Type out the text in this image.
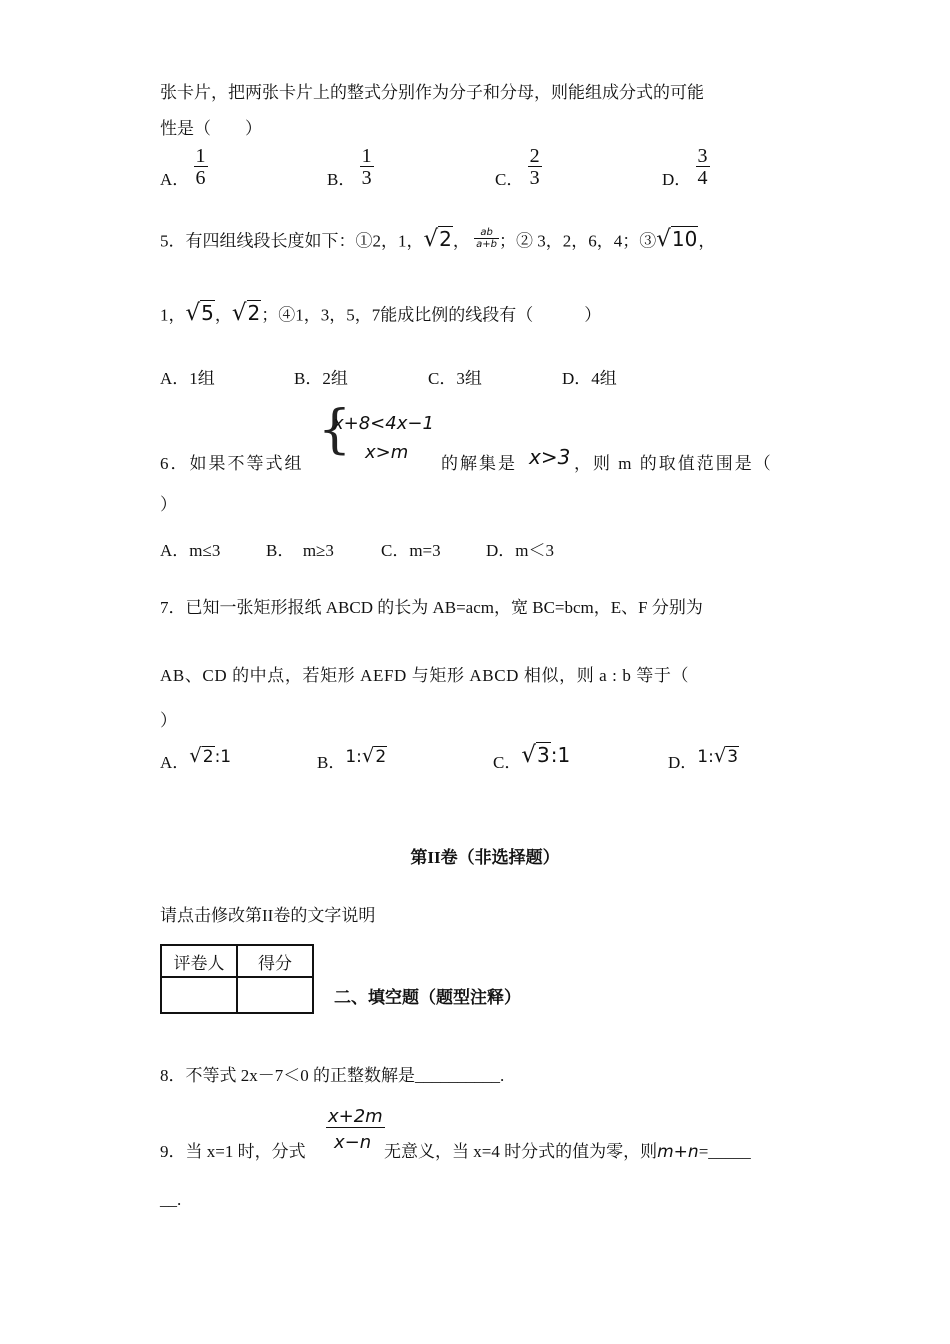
张卡片，把两张卡片上的整式分别作为分子和分母，则能组成分式的可能
性是（　　）
A． $\frac{1}{6}$	B． $\frac{1}{3}$	C． $\frac{2}{3}$	D． $\frac{3}{4}$
5．有四组线段长度如下：①2，1，√2， $\frac{ab}{a+b}$ ；② 3，2，6，4；③√10，
1，√5，√2；④1，3，5，7能成比例的线段有（　　　）
A．1组	B．2组	C．3组	D．4组
{
x+8<4x−1
x>m
6．如果不等式组	的解集是 x>3 ，则 m 的取值范围是（
）
A．m≤3	B．　m≥3	C．m=3	D．m＜3
7．已知一张矩形报纸 ABCD 的长为 AB=acm，宽 BC=bcm，E、F 分别为
AB、CD 的中点，若矩形 AEFD 与矩形 ABCD 相似，则 a : b 等于（
）
A．√2:1	B．1:√2	C．√3:1	D．1:√3
第II卷（非选择题）
请点击修改第II卷的文字说明
评卷人	得分

二、填空题（题型注释）
8．不等式 2x－7＜0 的正整数解是__________.
x+2m
x−n
9．当 x=1 时，分式	无意义，当 x=4 时分式的值为零，则m+n=_____
__.
